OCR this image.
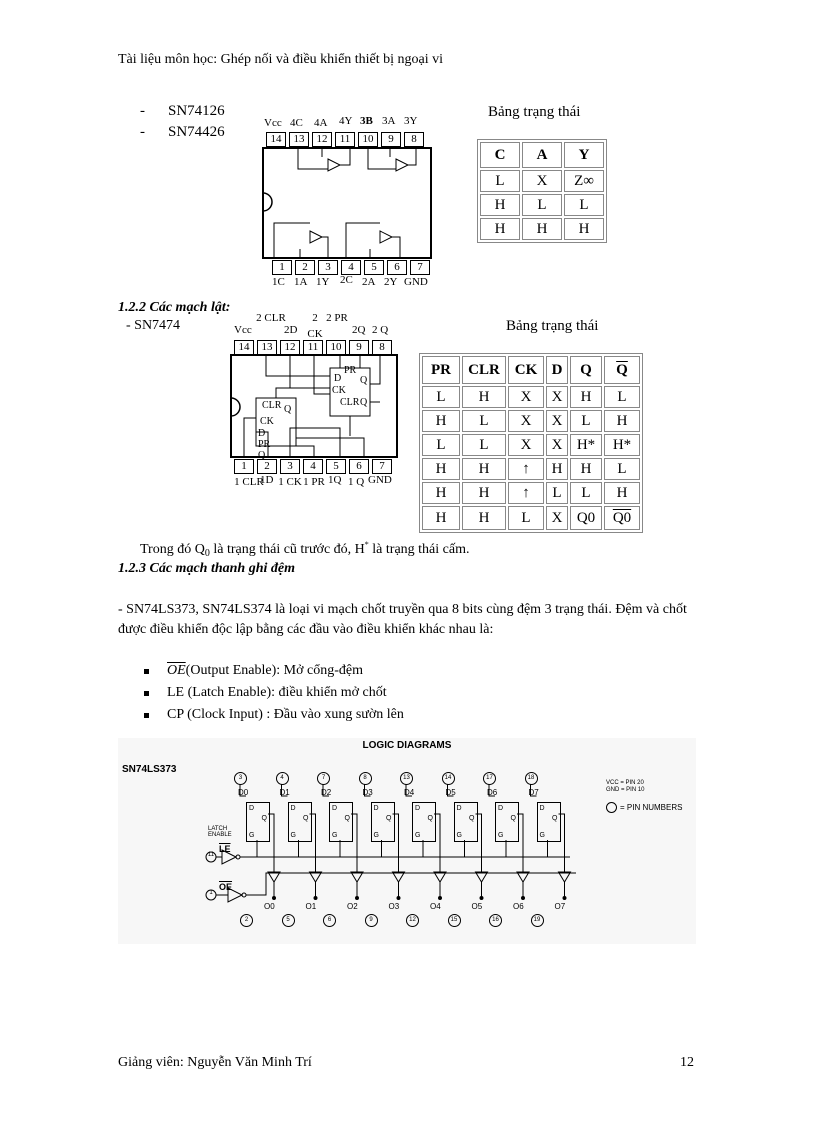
Tài liệu môn học: Ghép nối và điều khiển thiết bị ngoại vi
- SN74126
- SN74426
Bảng trạng thái
Vcc 4C 4A 4Y 3B 3A 3Y
14	13	12	11	10	9	8
1	2	3	4	5	6	7
1C 1A 1Y 2C 2A 2Y GND
C	A	Y
L	X	Z∞
H	L	L
H	H	H
1.2.2 Các mạch lật:
- SN7474	Bảng trạng thái
Vcc
2 CLR
2D
2 CK
2 PR
2Q 2 Q
14	13	12	11	10	9	8
PR
D Q
CK
CLR Q
CLR Q
CK
D PR Q
1	2	3	4	5	6	7
1 CLR
1D 1 CK 1 PR 1Q 1 Q GND
PR	CLR	CK	D	Q	$\overline{Q}$
L	H	X	X	H	L
H	L	X	X	L	H
L	L	X	X	H*	H*
H	H	↑	H	H	L
H	H	↑	L	L	H
H	H	L	X	Q0	Q0
Trong đó $Q_0$ là trạng thái cũ trước đó, H* là trạng thái cấm.
1.2.3 Các mạch thanh ghi đệm
- SN74LS373, SN74LS374 là loại vi mạch chốt truyền qua 8 bits cùng đệm 3 trạng thái. Đệm và chốt được điều khiển độc lập bằng các đầu vào điều khiển khác nhau là:
$\overline{OE}$ (Output Enable): Mở cổng-đệm
LE (Latch Enable): điều khiển mở chốt
CP (Clock Input) : Đầu vào xung sườn lên
LOGIC DIAGRAMS
SN74LS373
VCC = PIN 20
GND = PIN 10
= PIN NUMBERS
LATCH ENABLE
11
1
$\overline{LE}$
$\overline{OE}$
3
D0
D
Q
G
O0
2
4
D1
D
Q
G
O1
5
7
D2
D
Q
G
O2
6
8
D3
D
Q
G
O3
9
13
D4
D
Q
G
O4
12
14
D5
D
Q
G
O5
15
17
D6
D
Q
G
O6
16
18
D7
D
Q
G
O7
19
Giảng viên: Nguyễn Văn Minh Trí	12
